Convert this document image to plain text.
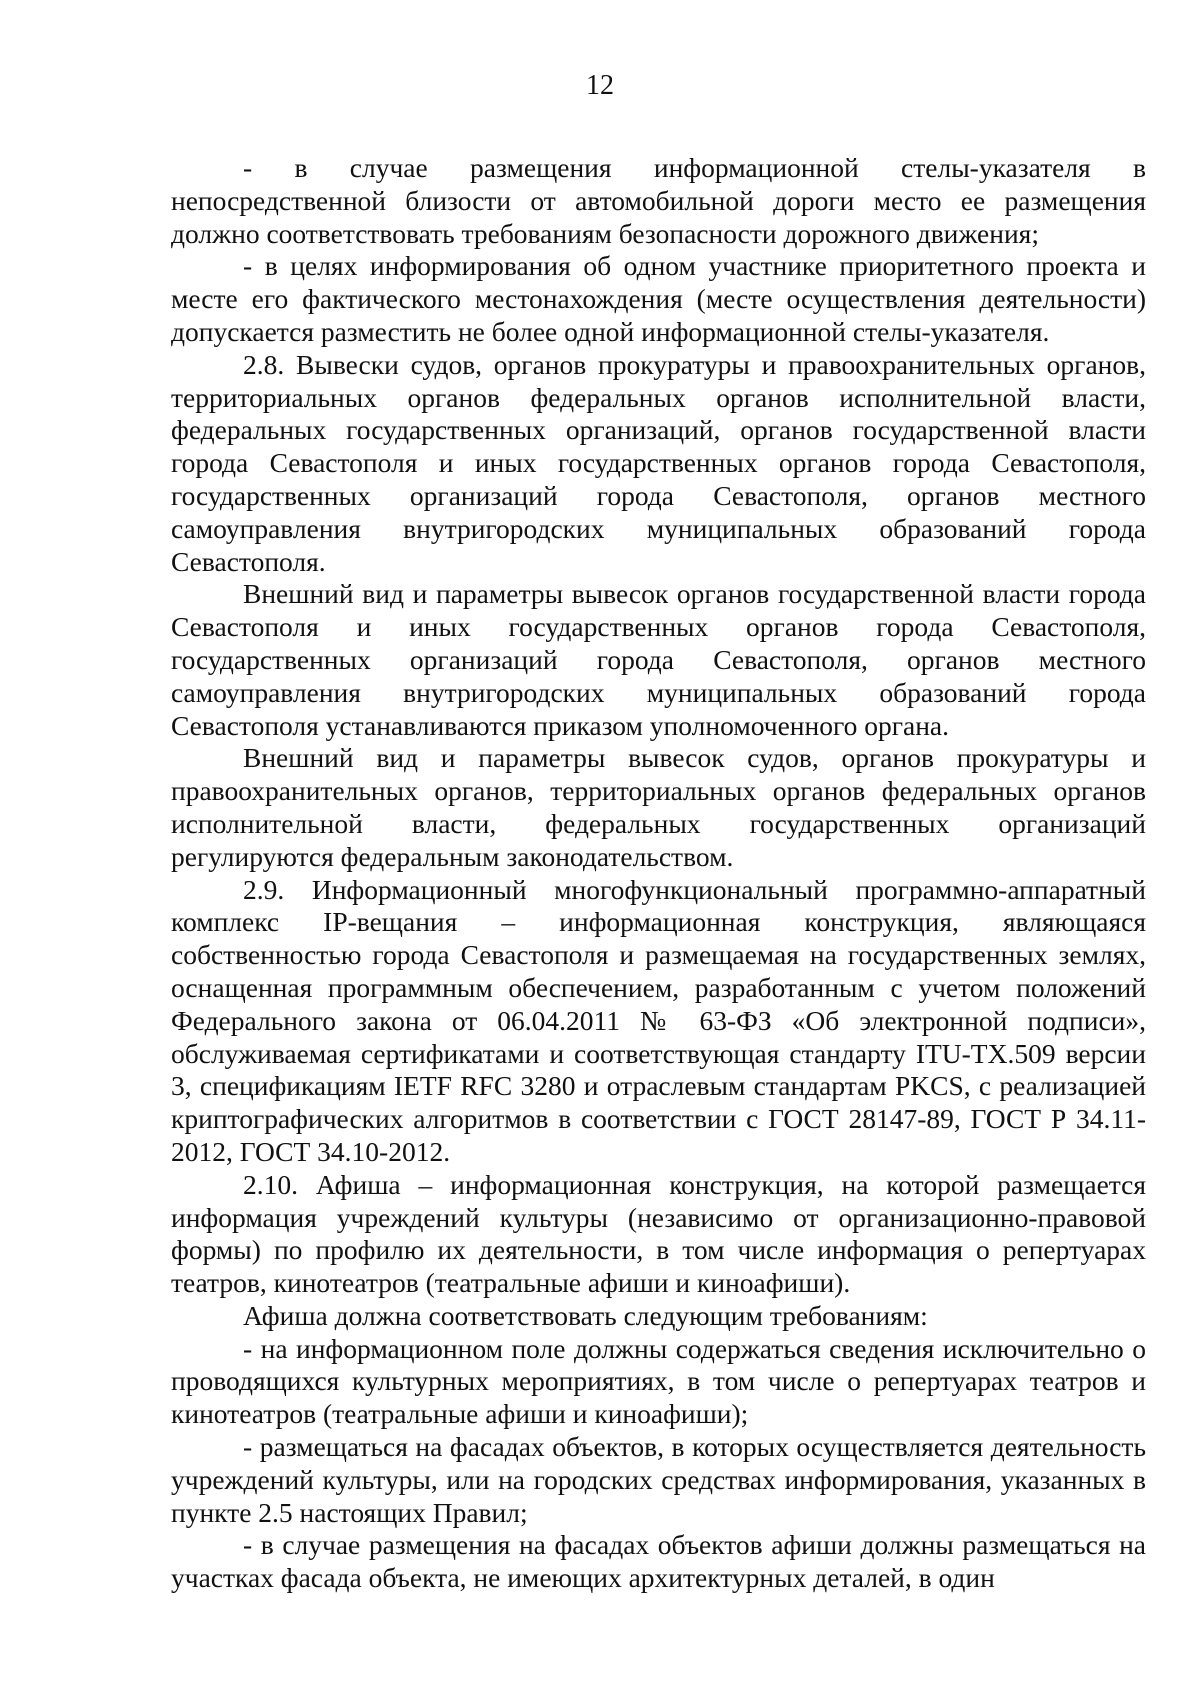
12

- в случае размещения информационной стелы-указателя в непосредственной близости от автомобильной дороги место ее размещения должно соответствовать требованиям безопасности дорожного движения;

- в целях информирования об одном участнике приоритетного проекта и месте его фактического местонахождения (месте осуществления деятельности) допускается разместить не более одной информационной стелы-указателя.

2.8. Вывески судов, органов прокуратуры и правоохранительных органов, территориальных органов федеральных органов исполнительной власти, федеральных государственных организаций, органов государственной власти города Севастополя и иных государственных органов города Севастополя, государственных организаций города Севастополя, органов местного самоуправления внутригородских муниципальных образований города Севастополя.

Внешний вид и параметры вывесок органов государственной власти города Севастополя и иных государственных органов города Севастополя, государственных организаций города Севастополя, органов местного самоуправления внутригородских муниципальных образований города Севастополя устанавливаются приказом уполномоченного органа.

Внешний вид и параметры вывесок судов, органов прокуратуры и правоохранительных органов, территориальных органов федеральных органов исполнительной власти, федеральных государственных организаций регулируются федеральным законодательством.

2.9. Информационный многофункциональный программно-аппаратный комплекс IP-вещания – информационная конструкция, являющаяся собственностью города Севастополя и размещаемая на государственных землях, оснащенная программным обеспечением, разработанным с учетом положений Федерального закона от 06.04.2011 № 63-ФЗ «Об электронной подписи», обслуживаемая сертификатами и соответствующая стандарту ITU-TX.509 версии 3, спецификациям IETF RFC 3280 и отраслевым стандартам PKCS, с реализацией криптографических алгоритмов в соответствии с ГОСТ 28147-89, ГОСТ Р 34.11-2012, ГОСТ 34.10-2012.

2.10. Афиша – информационная конструкция, на которой размещается информация учреждений культуры (независимо от организационно-правовой формы) по профилю их деятельности, в том числе информация о репертуарах театров, кинотеатров (театральные афиши и киноафиши).

Афиша должна соответствовать следующим требованиям:

- на информационном поле должны содержаться сведения исключительно о проводящихся культурных мероприятиях, в том числе о репертуарах театров и кинотеатров (театральные афиши и киноафиши);

- размещаться на фасадах объектов, в которых осуществляется деятельность учреждений культуры, или на городских средствах информирования, указанных в пункте 2.5 настоящих Правил;

- в случае размещения на фасадах объектов афиши должны размещаться на участках фасада объекта, не имеющих архитектурных деталей, в один
